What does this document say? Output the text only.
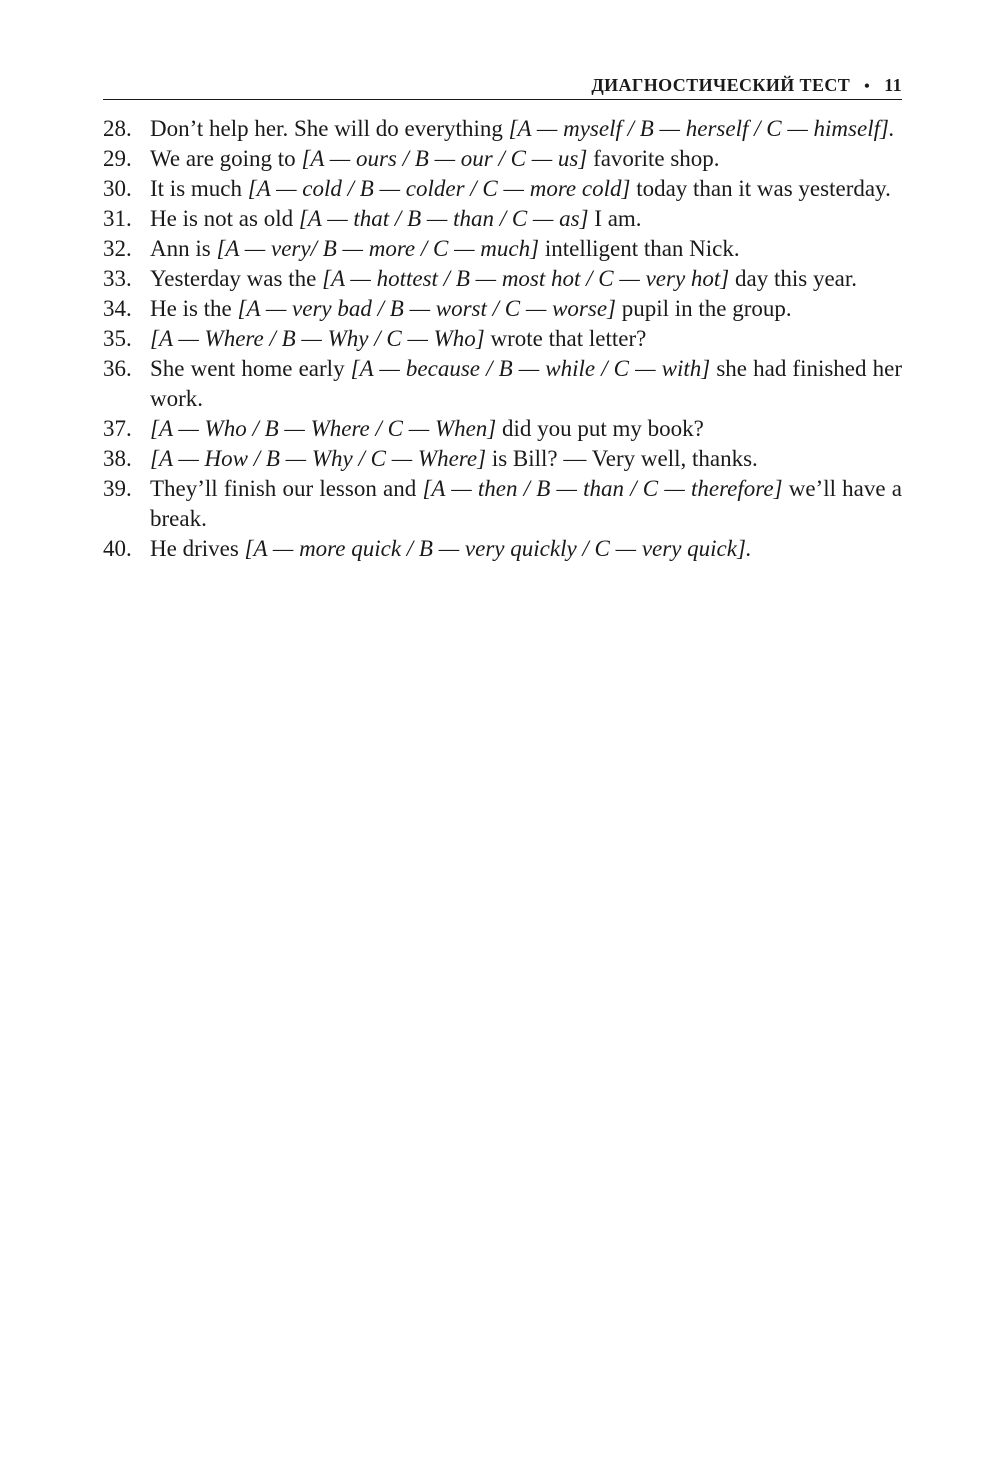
ДИАГНОСТИЧЕСКИЙ ТЕСТ • 11
28. Don’t help her. She will do everything [A — myself / B — herself / C — himself].
29. We are going to [A — ours / B — our / C — us] favorite shop.
30. It is much [A — cold / B — colder / C — more cold] today than it was yesterday.
31. He is not as old [A — that / B — than / C — as] I am.
32. Ann is [A — very/ B — more / C — much] intelligent than Nick.
33. Yesterday was the [A — hottest / B — most hot / C — very hot] day this year.
34. He is the [A — very bad / B — worst / C — worse] pupil in the group.
35. [A — Where / B — Why / C — Who] wrote that letter?
36. She went home early [A — because / B — while / C — with] she had finished her work.
37. [A — Who / B — Where / C — When] did you put my book?
38. [A — How / B — Why / C — Where] is Bill? — Very well, thanks.
39. They’ll finish our lesson and [A — then / B — than / C — therefore] we’ll have a break.
40. He drives [A — more quick / B — very quickly / C — very quick].
